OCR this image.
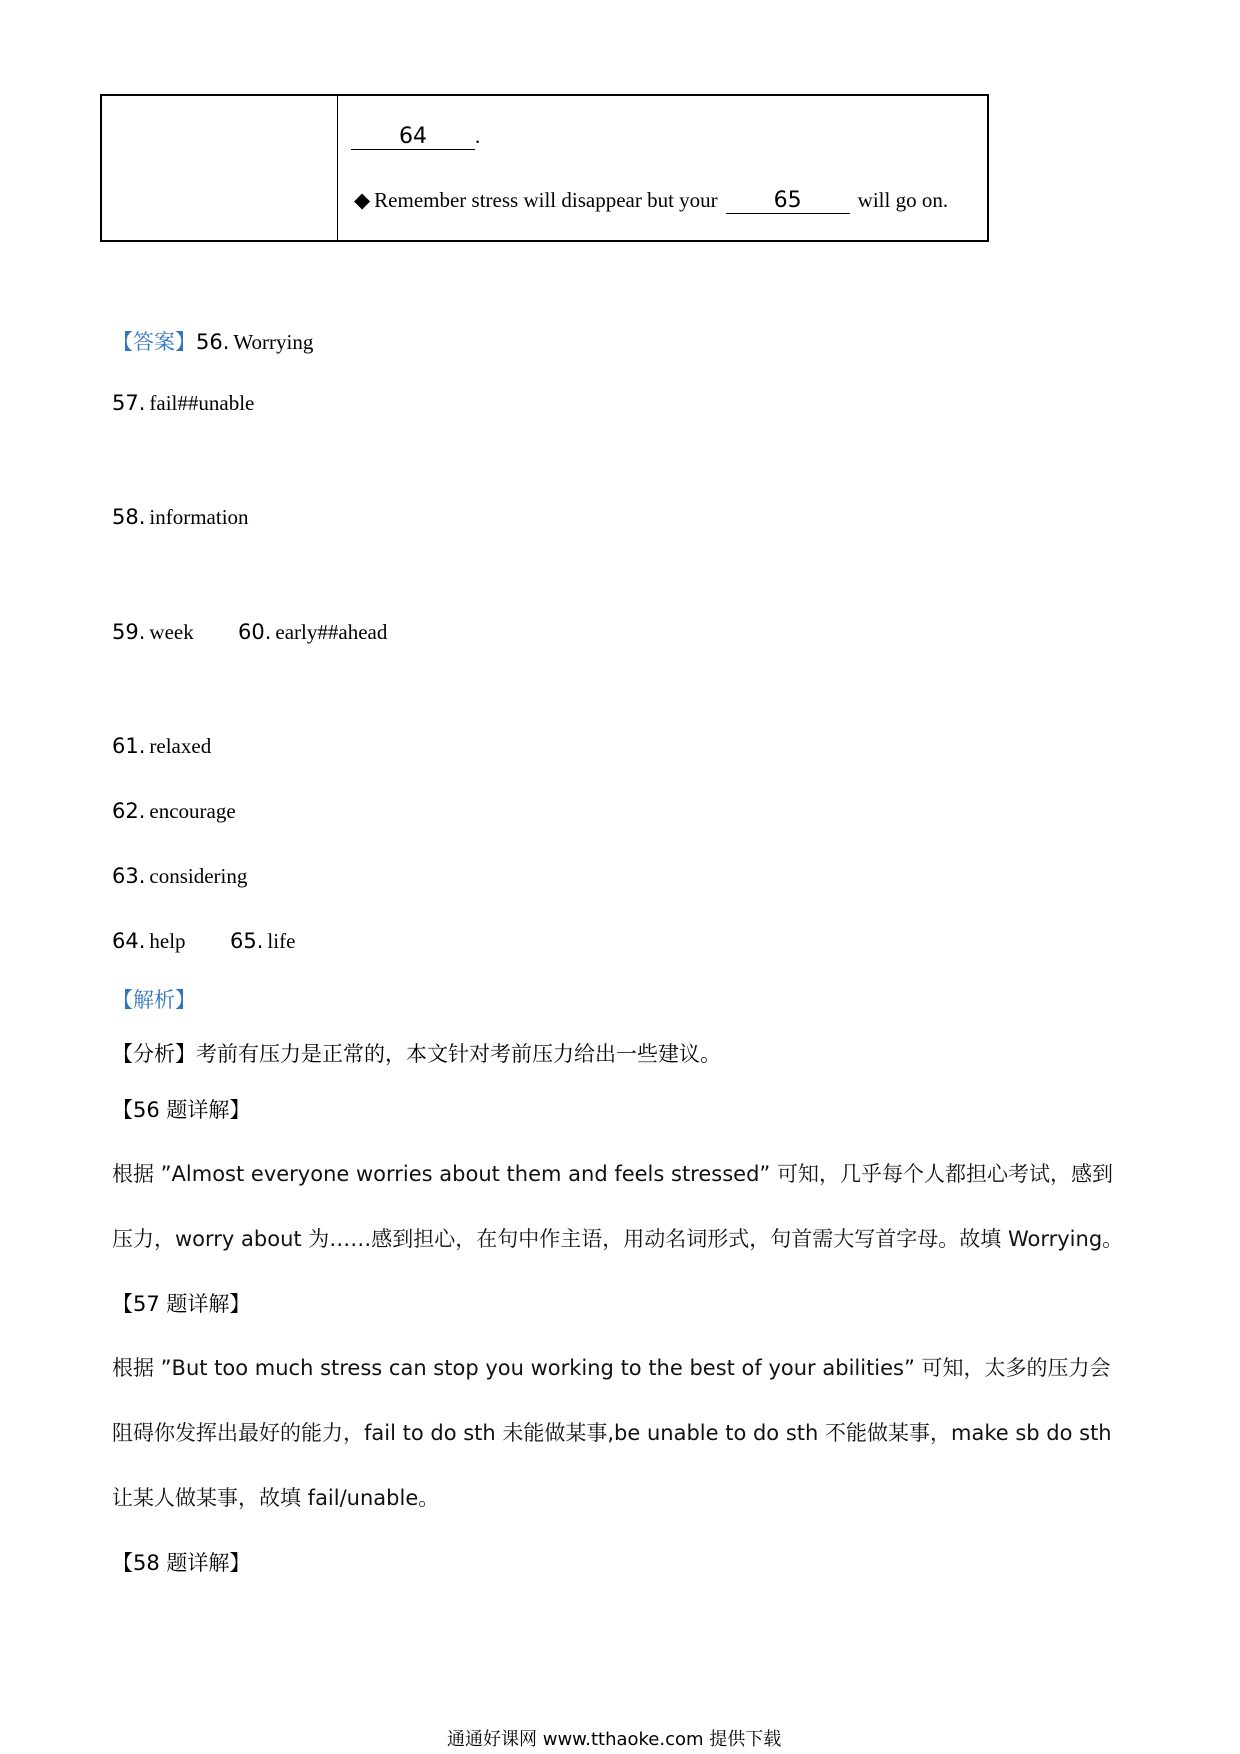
64 .
◆ Remember stress will disappear but your	65	will go on.
【答案】56. Worrying
57. fail##unable
58. information
59. week 60. early##ahead
61. relaxed
62. encourage
63. considering
64. help 65. life
【解析】
【分析】考前有压力是正常的，本文针对考前压力给出一些建议。
【56 题详解】
根据 ”Almost everyone worries about them and feels stressed” 可知，几乎每个人都担心考试，感到
压力，worry about 为……感到担心，在句中作主语，用动名词形式，句首需大写首字母。故填 Worrying。
【57 题详解】
根据 ”But too much stress can stop you working to the best of your abilities” 可知，太多的压力会
阻碍你发挥出最好的能力，fail to do sth 未能做某事,be unable to do sth 不能做某事，make sb do sth
让某人做某事，故填 fail/unable。
【58 题详解】
通通好课网 www.tthaoke.com 提供下载
